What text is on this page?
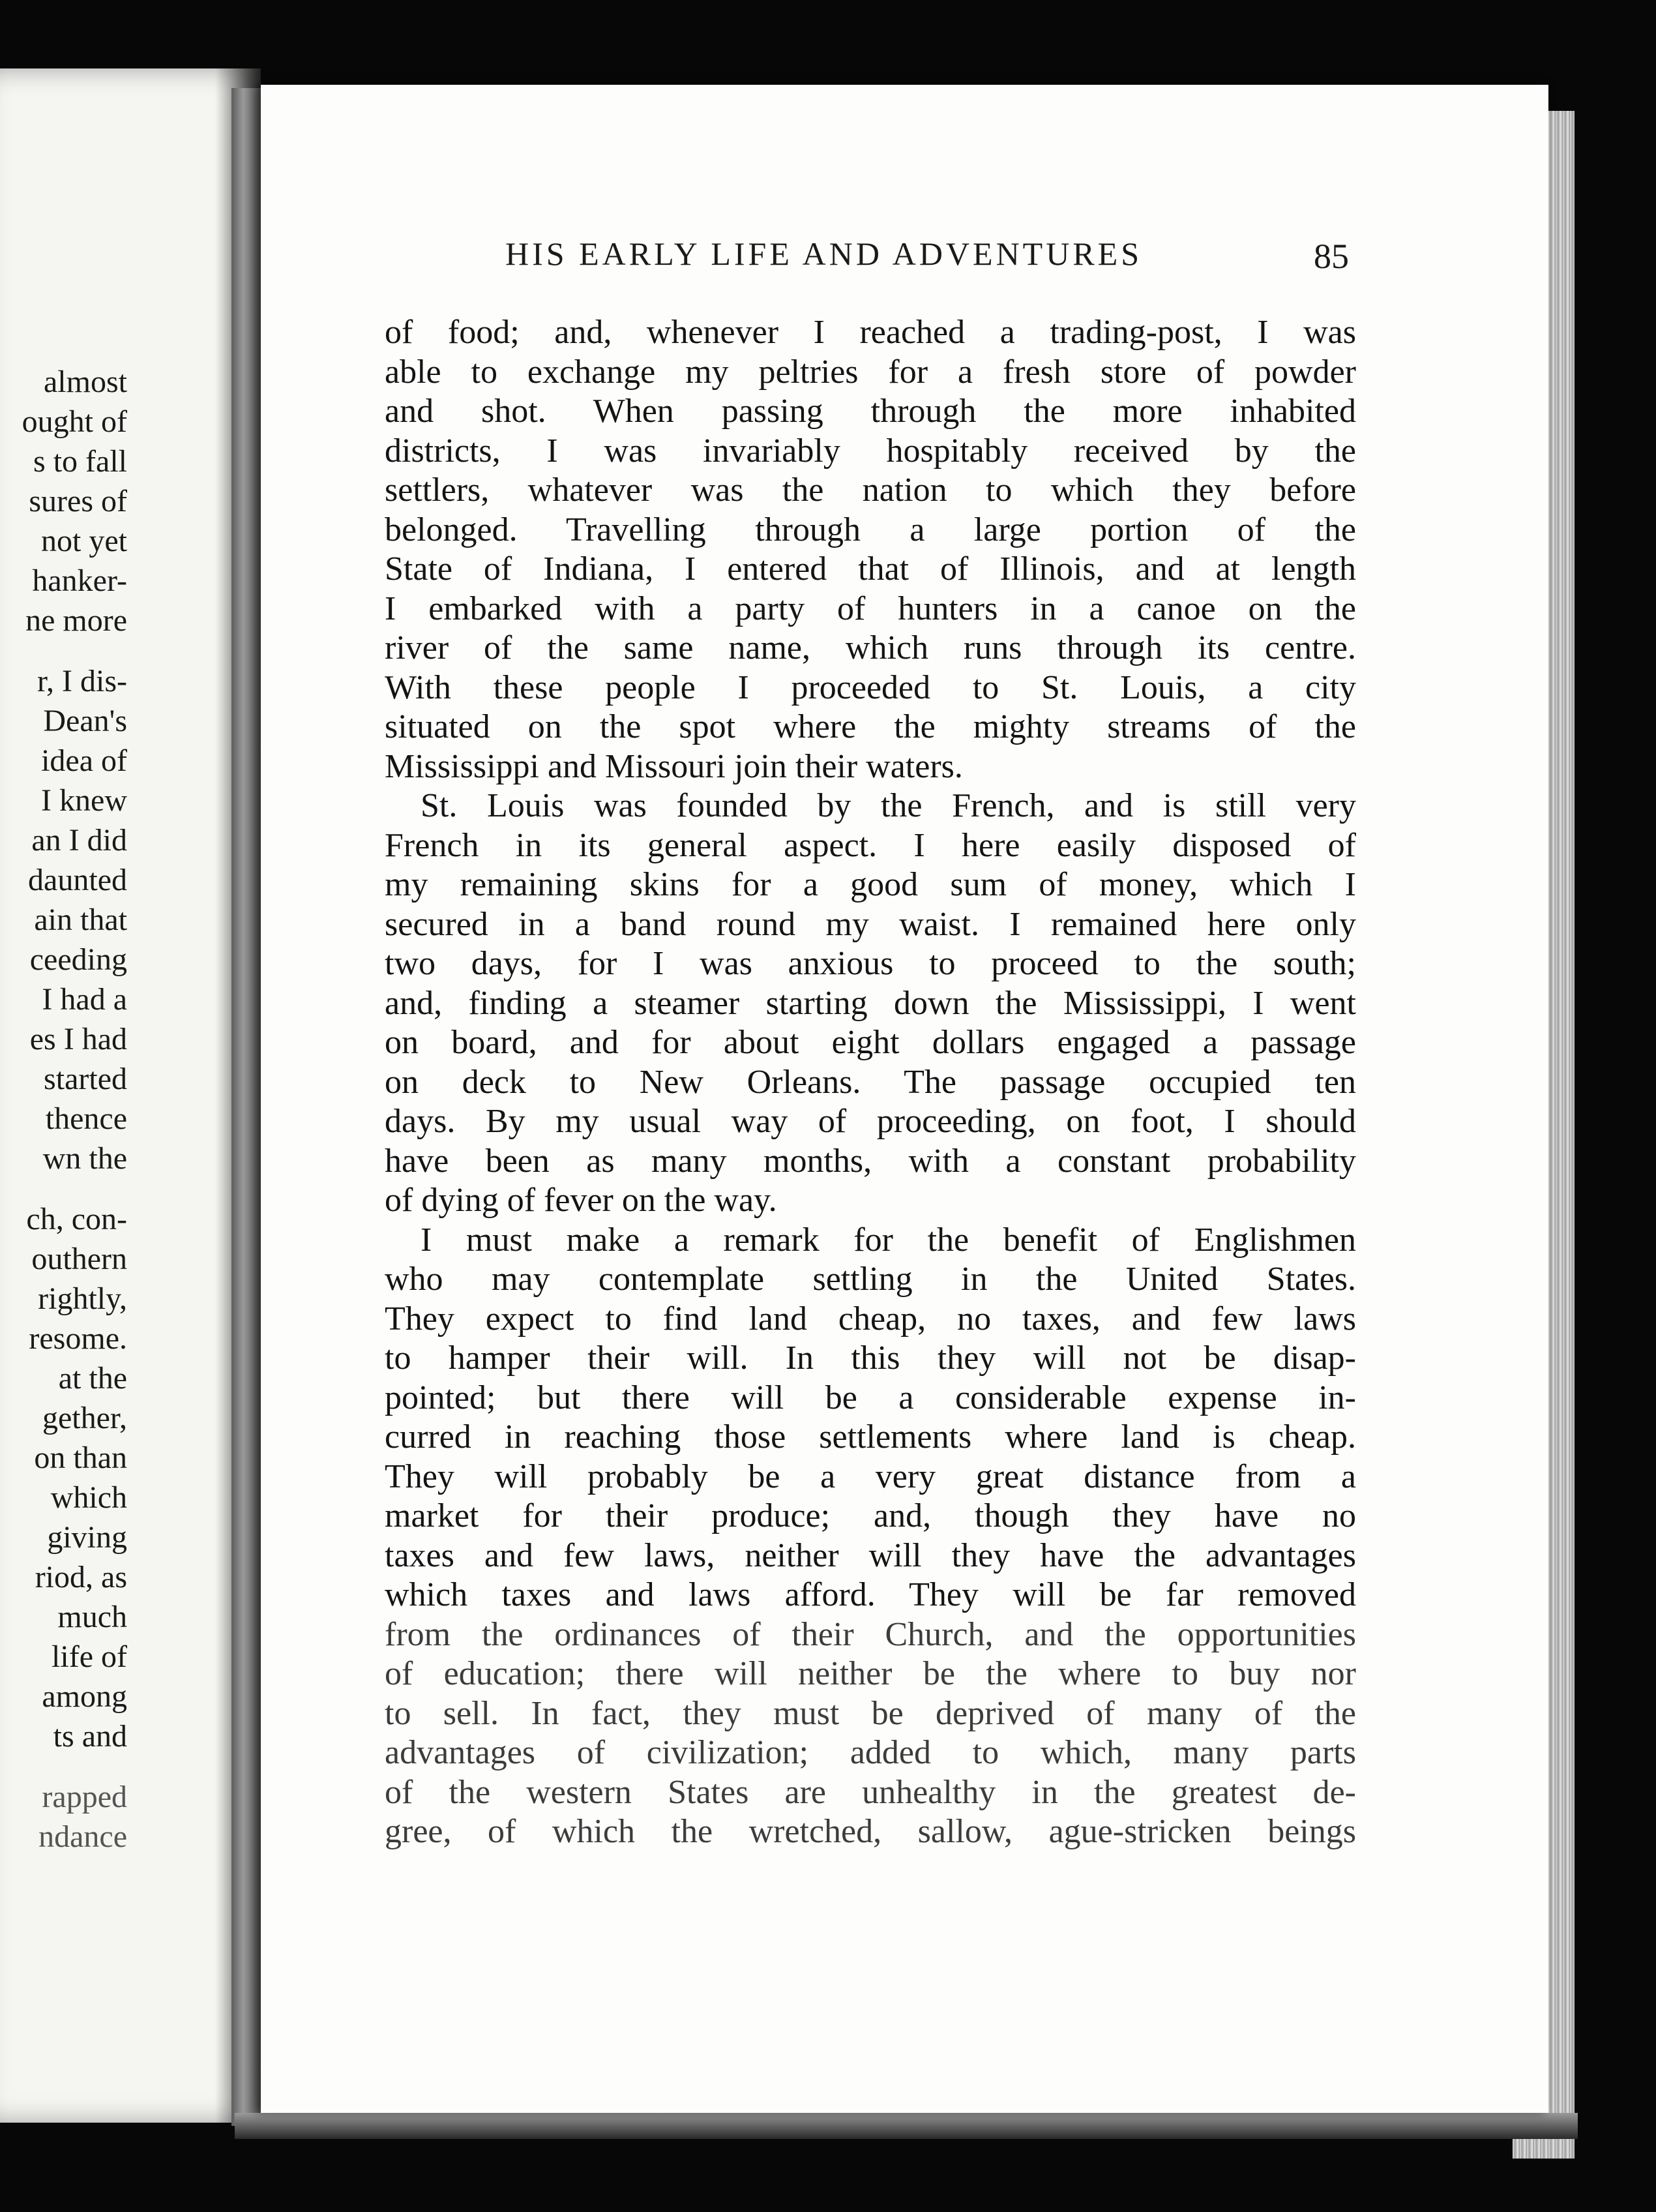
almost
ought of
s to fall
sures of
not yet
hanker-
ne more
r, I dis-
Dean's
idea of
I knew
an I did
daunted
ain that
ceeding
I had a
es I had
started
thence
wn the
ch, con-
outhern
rightly,
resome.
at the
gether,
on than
which
giving
riod, as
much
life of
among
ts and
rapped
ndance
HIS EARLY LIFE AND ADVENTURES	85
of food; and, whenever I reached a trading-post, I was
able to exchange my peltries for a fresh store of powder
and shot. When passing through the more inhabited
districts, I was invariably hospitably received by the
settlers, whatever was the nation to which they before
belonged. Travelling through a large portion of the
State of Indiana, I entered that of Illinois, and at length
I embarked with a party of hunters in a canoe on the
river of the same name, which runs through its centre.
With these people I proceeded to St. Louis, a city
situated on the spot where the mighty streams of the
Mississippi and Missouri join their waters.
St. Louis was founded by the French, and is still very
French in its general aspect. I here easily disposed of
my remaining skins for a good sum of money, which I
secured in a band round my waist. I remained here only
two days, for I was anxious to proceed to the south;
and, finding a steamer starting down the Mississippi, I went
on board, and for about eight dollars engaged a passage
on deck to New Orleans. The passage occupied ten
days. By my usual way of proceeding, on foot, I should
have been as many months, with a constant probability
of dying of fever on the way.
I must make a remark for the benefit of Englishmen
who may contemplate settling in the United States.
They expect to find land cheap, no taxes, and few laws
to hamper their will. In this they will not be disap-
pointed; but there will be a considerable expense in-
curred in reaching those settlements where land is cheap.
They will probably be a very great distance from a
market for their produce; and, though they have no
taxes and few laws, neither will they have the advantages
which taxes and laws afford. They will be far removed
from the ordinances of their Church, and the opportunities
of education; there will neither be the where to buy nor
to sell. In fact, they must be deprived of many of the
advantages of civilization; added to which, many parts
of the western States are unhealthy in the greatest de-
gree, of which the wretched, sallow, ague-stricken beings
